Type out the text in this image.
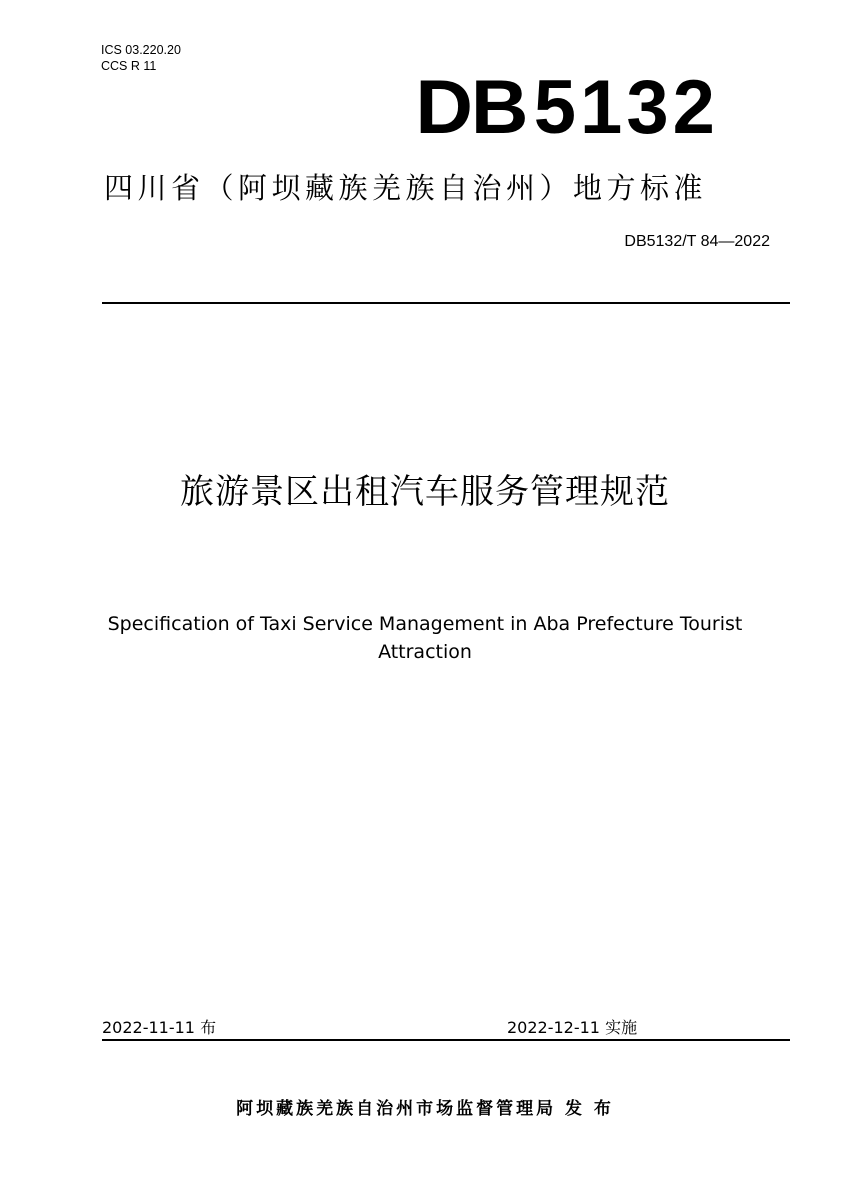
ICS 03.220.20
CCS R 11	DB5132
四川省（阿坝藏族羌族自治州）地方标准
DB5132/T 84—2022
旅游景区出租汽车服务管理规范
Specification of Taxi Service Management in Aba Prefecture Tourist Attraction
2022-11-11 布	2022-12-11 实施
阿坝藏族羌族自治州市场监督管理局 发 布
